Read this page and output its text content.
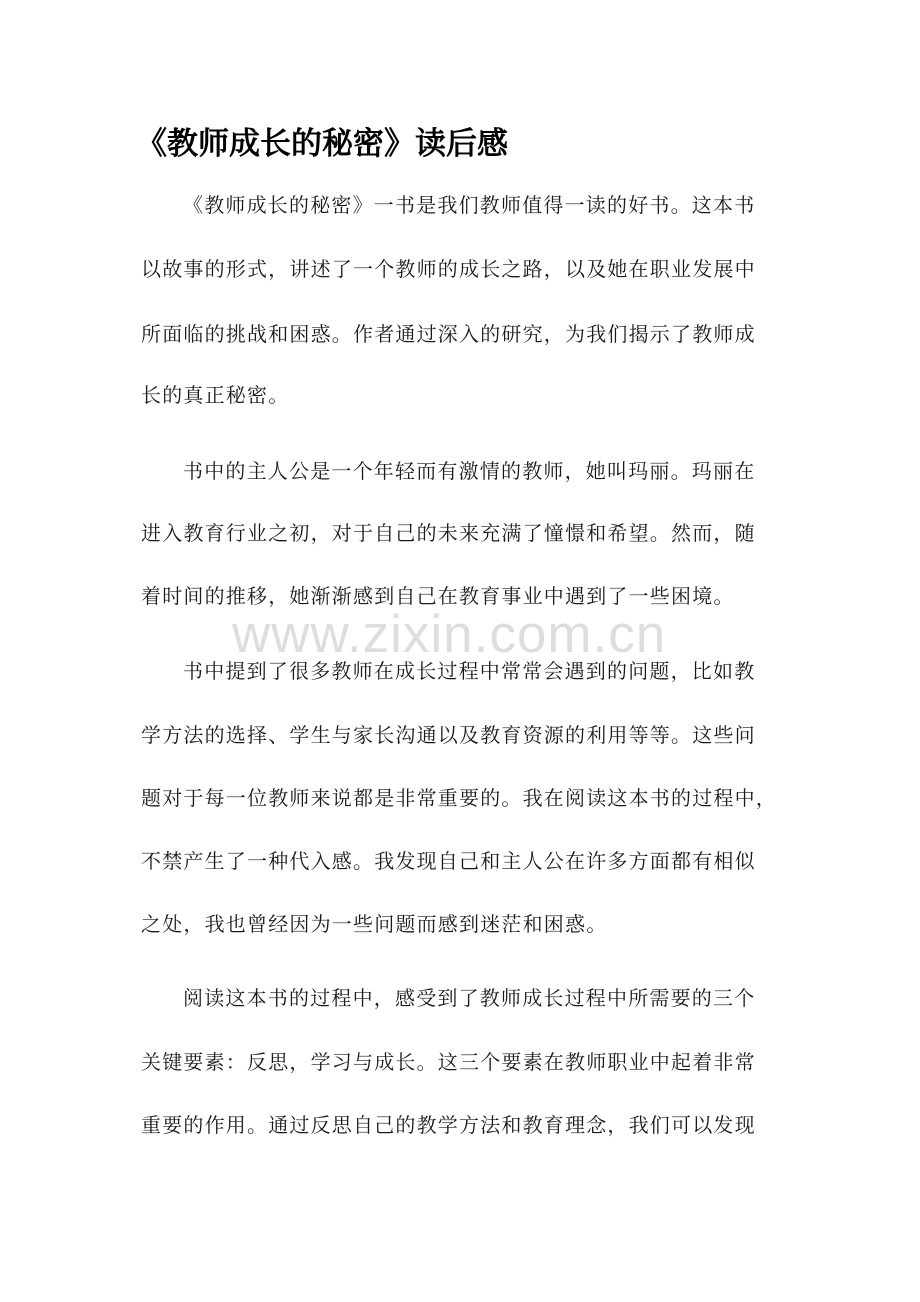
《教师成长的秘密》读后感
《教师成长的秘密》一书是我们教师值得一读的好书。这本书
以故事的形式，讲述了一个教师的成长之路，以及她在职业发展中
所面临的挑战和困惑。作者通过深入的研究，为我们揭示了教师成
长的真正秘密。
书中的主人公是一个年轻而有激情的教师，她叫玛丽。玛丽在
进入教育行业之初，对于自己的未来充满了憧憬和希望。然而，随
着时间的推移，她渐渐感到自己在教育事业中遇到了一些困境。
www.zixin.com.cn
书中提到了很多教师在成长过程中常常会遇到的问题，比如教
学方法的选择、学生与家长沟通以及教育资源的利用等等。这些问
题对于每一位教师来说都是非常重要的。我在阅读这本书的过程中，
不禁产生了一种代入感。我发现自己和主人公在许多方面都有相似
之处，我也曾经因为一些问题而感到迷茫和困惑。
阅读这本书的过程中，感受到了教师成长过程中所需要的三个
关键要素：反思，学习与成长。这三个要素在教师职业中起着非常
重要的作用。通过反思自己的教学方法和教育理念，我们可以发现
